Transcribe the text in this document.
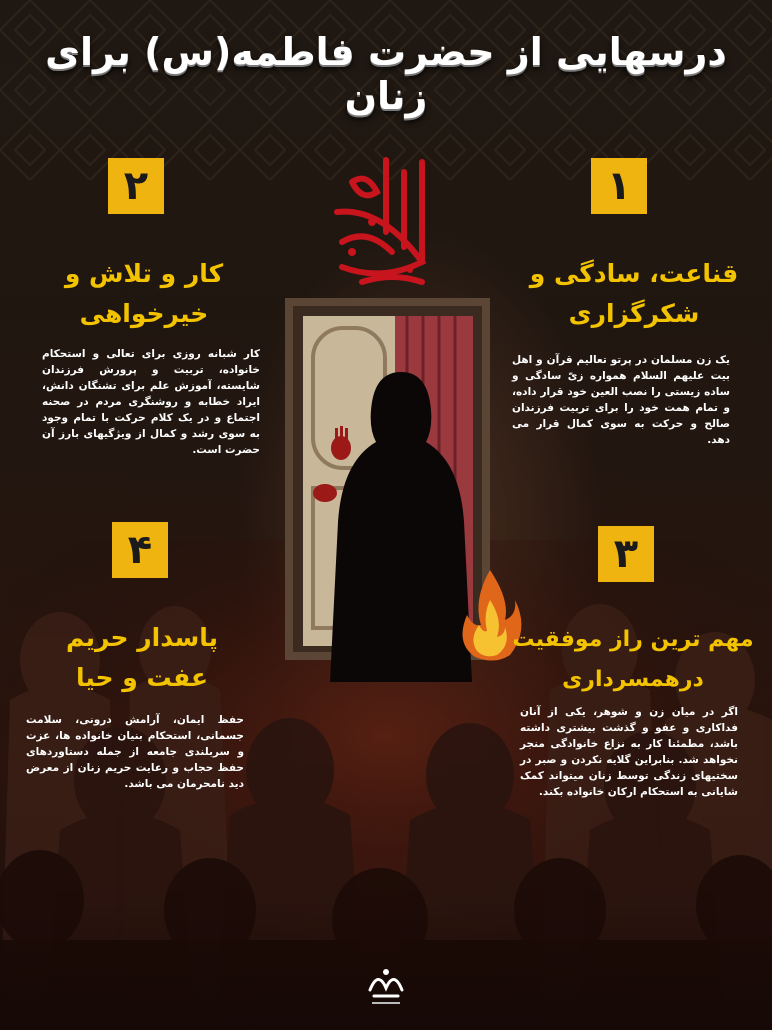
درسهایی از حضرت فاطمه(س) برای زنان
۱
قناعت، سادگی و
شکرگزاری
یک زن مسلمان در پرتو تعالیم قرآن و اهل بیت علیهم السلام همواره زیّ سادگی و ساده زیستی را نصب العین خود قرار داده، و تمام همت خود را برای تربیت فرزندان صالح و حرکت به سوی کمال قرار می دهد.
۲
کار و تلاش و
خیرخواهی
کار شبانه روزی برای تعالی و استحکام خانواده، تربیت و پرورش فرزندان شایسته، آموزش علم برای تشنگان دانش، ایراد خطابه و روشنگری مردم در صحنه اجتماع و در یک کلام حرکت با تمام وجود به سوی رشد و کمال از ویژگیهای بارز آن حضرت است.
۳
مهم ترین راز موفقیت
درهمسرداری
اگر در میان زن و شوهر، یکی از آنان فداکاری و عفو و گذشت بیشتری داشته باشد، مطمئنا کار به نزاع خانوادگی منجر نخواهد شد. بنابراین گلایه نکردن و صبر در سختیهای زندگی توسط زنان میتواند کمک شایانی به استحکام ارکان خانواده بکند.
۴
پاسدار حریم
عفت و حیا
حفظ ایمان، آرامش درونی، سلامت جسمانی، استحکام بنیان خانواده ها، عزت و سربلندی جامعه از جمله دستاوردهای حفظ حجاب و رعایت حریم زنان از معرض دید نامحرمان می باشد.
